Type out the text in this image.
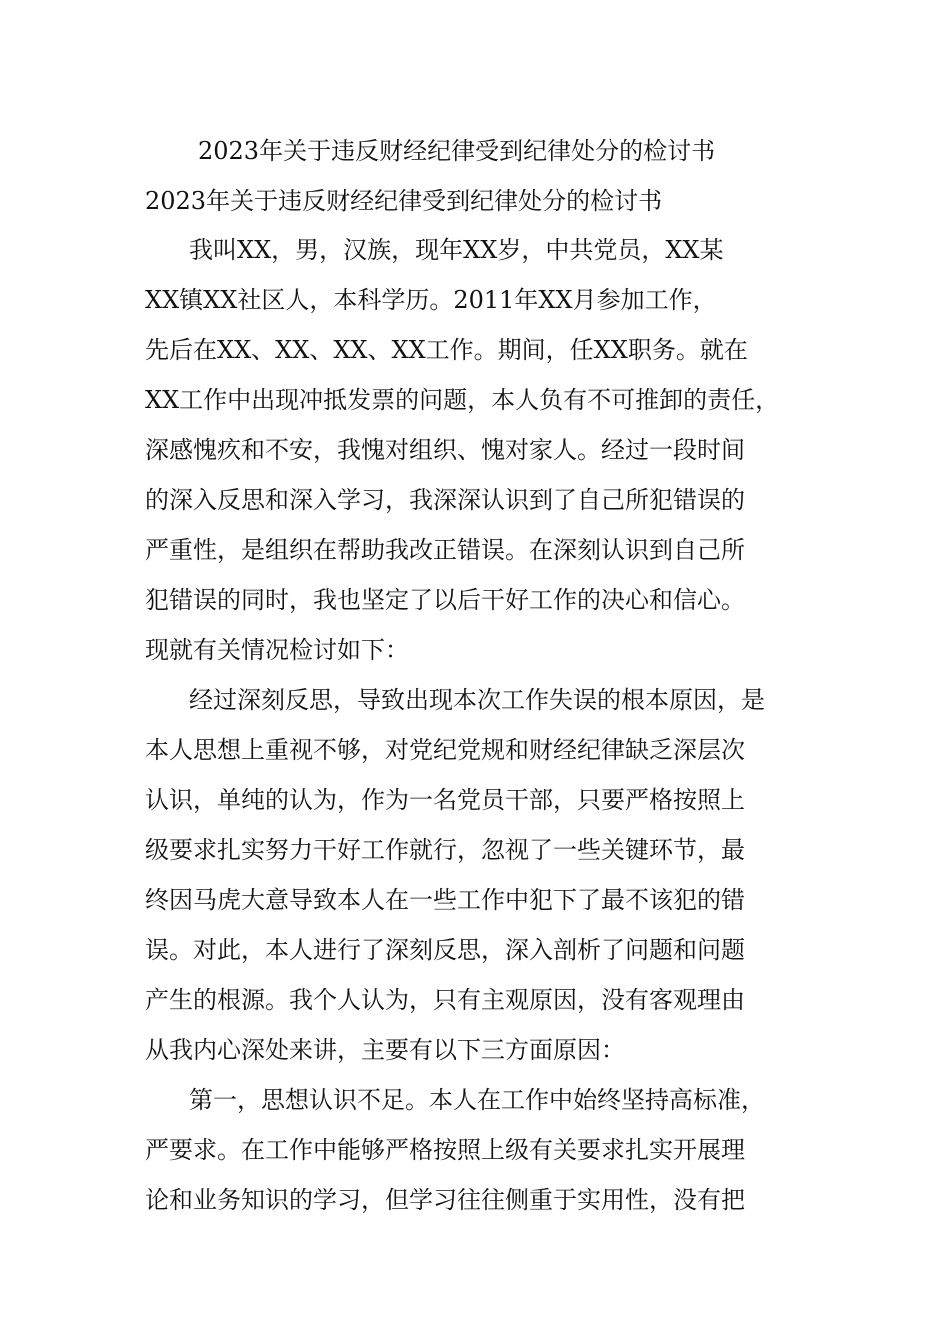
2023年关于违反财经纪律受到纪律处分的检讨书
2023年关于违反财经纪律受到纪律处分的检讨书
我叫XX，男，汉族，现年XX岁，中共党员，XX某
XX镇XX社区人，本科学历。2011年XX月参加工作，
先后在XX、XX、XX、XX工作。期间，任XX职务。就在
XX工作中出现冲抵发票的问题，本人负有不可推卸的责任，
深感愧疚和不安，我愧对组织、愧对家人。经过一段时间
的深入反思和深入学习，我深深认识到了自己所犯错误的
严重性，是组织在帮助我改正错误。在深刻认识到自己所
犯错误的同时，我也坚定了以后干好工作的决心和信心。
现就有关情况检讨如下：
经过深刻反思，导致出现本次工作失误的根本原因，是
本人思想上重视不够，对党纪党规和财经纪律缺乏深层次
认识，单纯的认为，作为一名党员干部，只要严格按照上
级要求扎实努力干好工作就行，忽视了一些关键环节，最
终因马虎大意导致本人在一些工作中犯下了最不该犯的错
误。对此，本人进行了深刻反思，深入剖析了问题和问题
产生的根源。我个人认为，只有主观原因，没有客观理由
从我内心深处来讲，主要有以下三方面原因：
第一，思想认识不足。本人在工作中始终坚持高标准，
严要求。在工作中能够严格按照上级有关要求扎实开展理
论和业务知识的学习，但学习往往侧重于实用性，没有把
